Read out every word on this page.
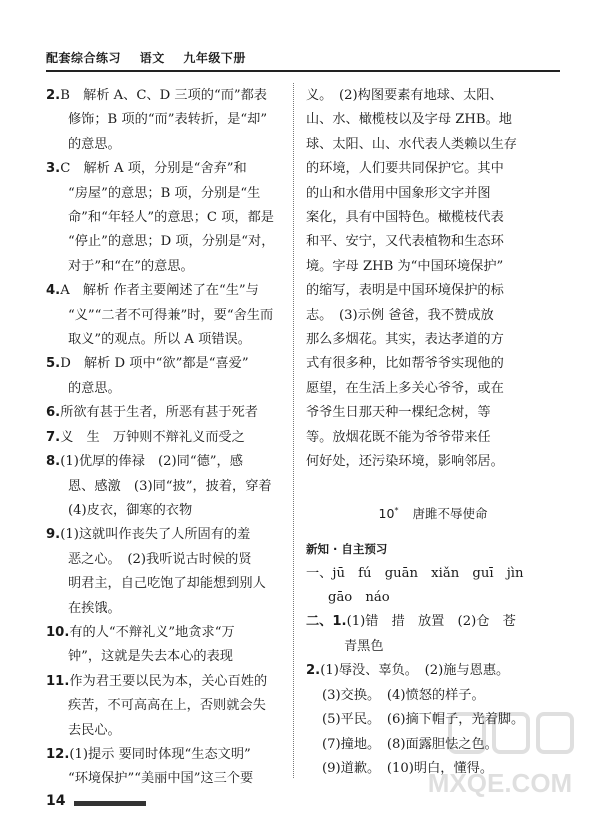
配套综合练习 语文 九年级下册

2.B　解析 A、C、D 三项的“而”都表
修饰；B 项的“而”表转折，是“却”
的意思。

3.C　解析 A 项，分别是“舍弃”和
“房屋”的意思；B 项，分别是“生
命”和“年轻人”的意思；C 项，都是
“停止”的意思；D 项，分别是“对，
对于”和“在”的意思。

4.A　解析 作者主要阐述了在“生”与
“义”“二者不可得兼”时，要“舍生而
取义”的观点。所以 A 项错误。

5.D　解析 D 项中“欲”都是“喜爱”
的意思。

6.所欲有甚于生者，所恶有甚于死者

7.义　生　万钟则不辩礼义而受之

8.(1)优厚的俸禄　(2)同“德”，感
恩、感激　(3)同“披”，披着，穿着
(4)皮衣，御寒的衣物

9.(1)这就叫作丧失了人所固有的羞
恶之心。　(2)我听说古时候的贤
明君主，自己吃饱了却能想到别人
在挨饿。

10.有的人“不辩礼义”地贪求“万
钟”，这就是失去本心的表现

11.作为君王要以民为本，关心百姓的
疾苦，不可高高在上，否则就会失
去民心。

12.(1)提示 要同时体现“生态文明”
“环境保护”“美丽中国”这三个要

义。　(2)构图要素有地球、太阳、
山、水、橄榄枝以及字母 ZHB。地
球、太阳、山、水代表人类赖以生存
的环境，人们要共同保护它。其中
的山和水借用中国象形文字并图
案化，具有中国特色。橄榄枝代表
和平、安宁，又代表植物和生态环
境。字母 ZHB 为“中国环境保护”
的缩写，表明是中国环境保护的标
志。　(3)示例 爸爸，我不赞成放
那么多烟花。其实，表达孝道的方
式有很多种，比如帮爷爷实现他的
愿望，在生活上多关心爷爷，或在
爷爷生日那天种一棵纪念树，等
等。放烟花既不能为爷爷带来任
何好处，还污染环境，影响邻居。
10* 唐雎不辱使命
新知 · 自主预习

一、jū　fú　guān　xiǎn　guī　jìn
gāo　náo

二、1.(1)错　措　放置　(2)仓　苍
青黑色

2.(1)辱没、辜负。　(2)施与恩惠。
(3)交换。　(4)愤怒的样子。
(5)平民。　(6)摘下帽子，光着脚。
(7)撞地。　(8)面露胆怯之色。
(9)道歉。　(10)明白，懂得。

14
MXQE.COM
